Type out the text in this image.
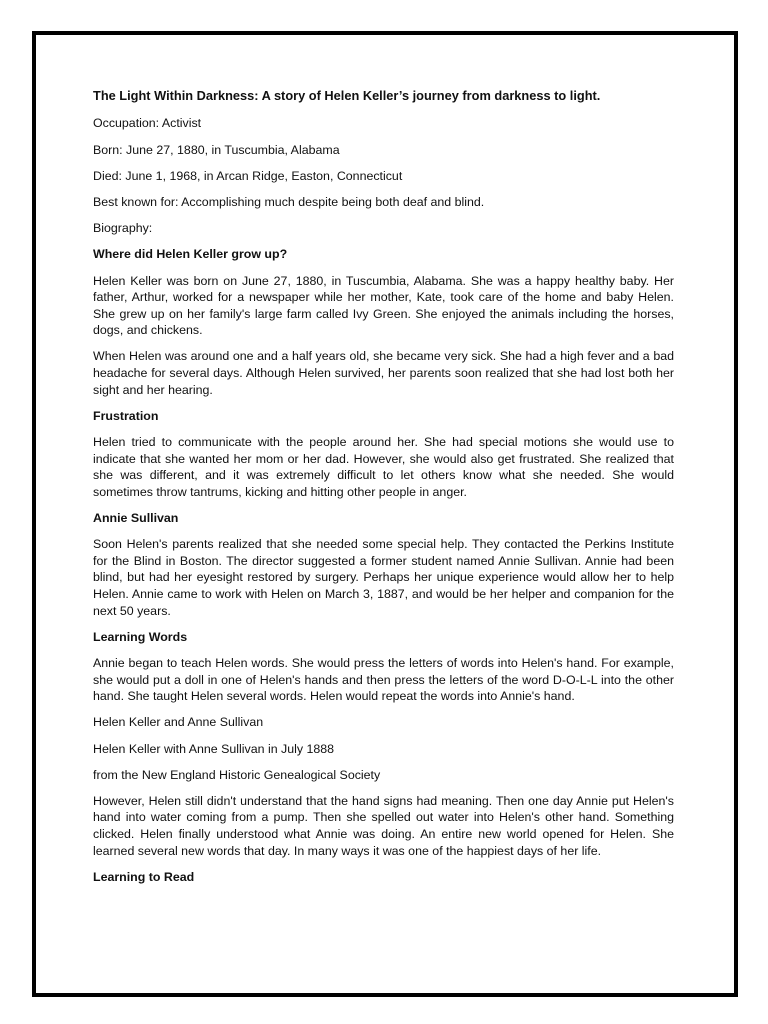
The Light Within Darkness: A story of Helen Keller’s journey from darkness to light.

Occupation: Activist

Born: June 27, 1880, in Tuscumbia, Alabama

Died: June 1, 1968, in Arcan Ridge, Easton, Connecticut

Best known for: Accomplishing much despite being both deaf and blind.

Biography:

Where did Helen Keller grow up?

Helen Keller was born on June 27, 1880, in Tuscumbia, Alabama. She was a happy healthy baby. Her father, Arthur, worked for a newspaper while her mother, Kate, took care of the home and baby Helen. She grew up on her family's large farm called Ivy Green. She enjoyed the animals including the horses, dogs, and chickens.

When Helen was around one and a half years old, she became very sick. She had a high fever and a bad headache for several days. Although Helen survived, her parents soon realized that she had lost both her sight and her hearing.

Frustration

Helen tried to communicate with the people around her. She had special motions she would use to indicate that she wanted her mom or her dad. However, she would also get frustrated. She realized that she was different, and it was extremely difficult to let others know what she needed. She would sometimes throw tantrums, kicking and hitting other people in anger.

Annie Sullivan

Soon Helen's parents realized that she needed some special help. They contacted the Perkins Institute for the Blind in Boston. The director suggested a former student named Annie Sullivan. Annie had been blind, but had her eyesight restored by surgery. Perhaps her unique experience would allow her to help Helen. Annie came to work with Helen on March 3, 1887, and would be her helper and companion for the next 50 years.

Learning Words

Annie began to teach Helen words. She would press the letters of words into Helen's hand. For example, she would put a doll in one of Helen's hands and then press the letters of the word D-O-L-L into the other hand. She taught Helen several words. Helen would repeat the words into Annie's hand.

Helen Keller and Anne Sullivan

Helen Keller with Anne Sullivan in July 1888

from the New England Historic Genealogical Society

However, Helen still didn't understand that the hand signs had meaning. Then one day Annie put Helen's hand into water coming from a pump. Then she spelled out water into Helen's other hand. Something clicked. Helen finally understood what Annie was doing. An entire new world opened for Helen. She learned several new words that day. In many ways it was one of the happiest days of her life.

Learning to Read
